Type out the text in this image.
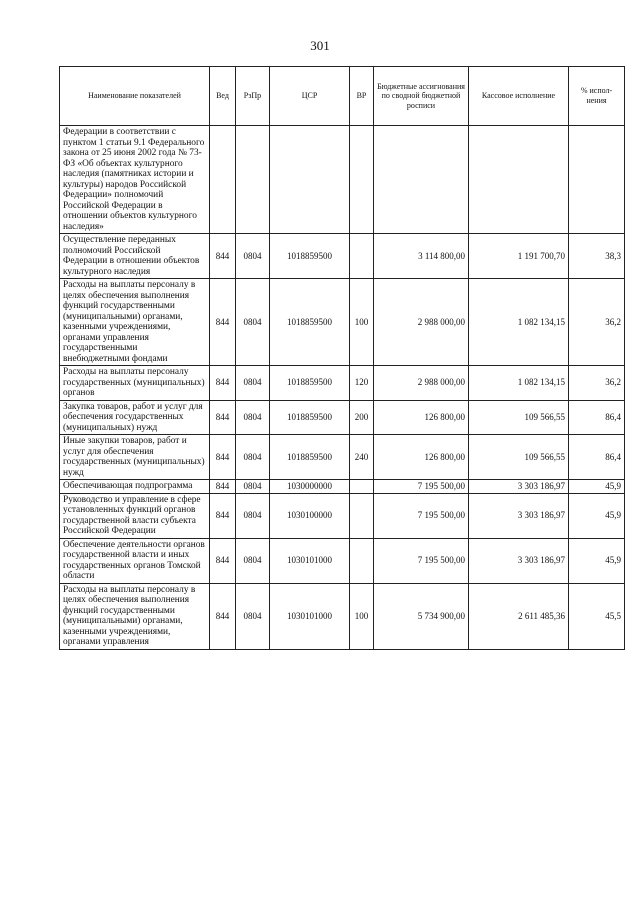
301
Наименование показателей	Вед	РзПр	ЦСР	ВР	Бюджетные ассигнования по сводной бюджетной росписи	Кассовое исполнение	% испол-нения
Федерации в соответствии с пунктом 1 статьи 9.1 Федерального закона от 25 июня 2002 года № 73-ФЗ «Об объектах культурного наследия (памятниках истории и культуры) народов Российской Федерации» полномочий Российской Федерации в отношении объектов культурного наследия»							
Осуществление переданных полномочий Российской Федерации в отношении объектов культурного наследия	844	0804	1018859500		3 114 800,00	1 191 700,70	38,3
Расходы на выплаты персоналу в целях обеспечения выполнения функций государственными (муниципальными) органами, казенными учреждениями, органами управления государственными внебюджетными фондами	844	0804	1018859500	100	2 988 000,00	1 082 134,15	36,2
Расходы на выплаты персоналу государственных (муниципальных) органов	844	0804	1018859500	120	2 988 000,00	1 082 134,15	36,2
Закупка товаров, работ и услуг для обеспечения государственных (муниципальных) нужд	844	0804	1018859500	200	126 800,00	109 566,55	86,4
Иные закупки товаров, работ и услуг для обеспечения государственных (муниципальных) нужд	844	0804	1018859500	240	126 800,00	109 566,55	86,4
Обеспечивающая подпрограмма	844	0804	1030000000		7 195 500,00	3 303 186,97	45,9
Руководство и управление в сфере установленных функций органов государственной власти субъекта Российской Федерации	844	0804	1030100000		7 195 500,00	3 303 186,97	45,9
Обеспечение деятельности органов государственной власти и иных государственных органов Томской области	844	0804	1030101000		7 195 500,00	3 303 186,97	45,9
Расходы на выплаты персоналу в целях обеспечения выполнения функций государственными (муниципальными) органами, казенными учреждениями, органами управления	844	0804	1030101000	100	5 734 900,00	2 611 485,36	45,5
